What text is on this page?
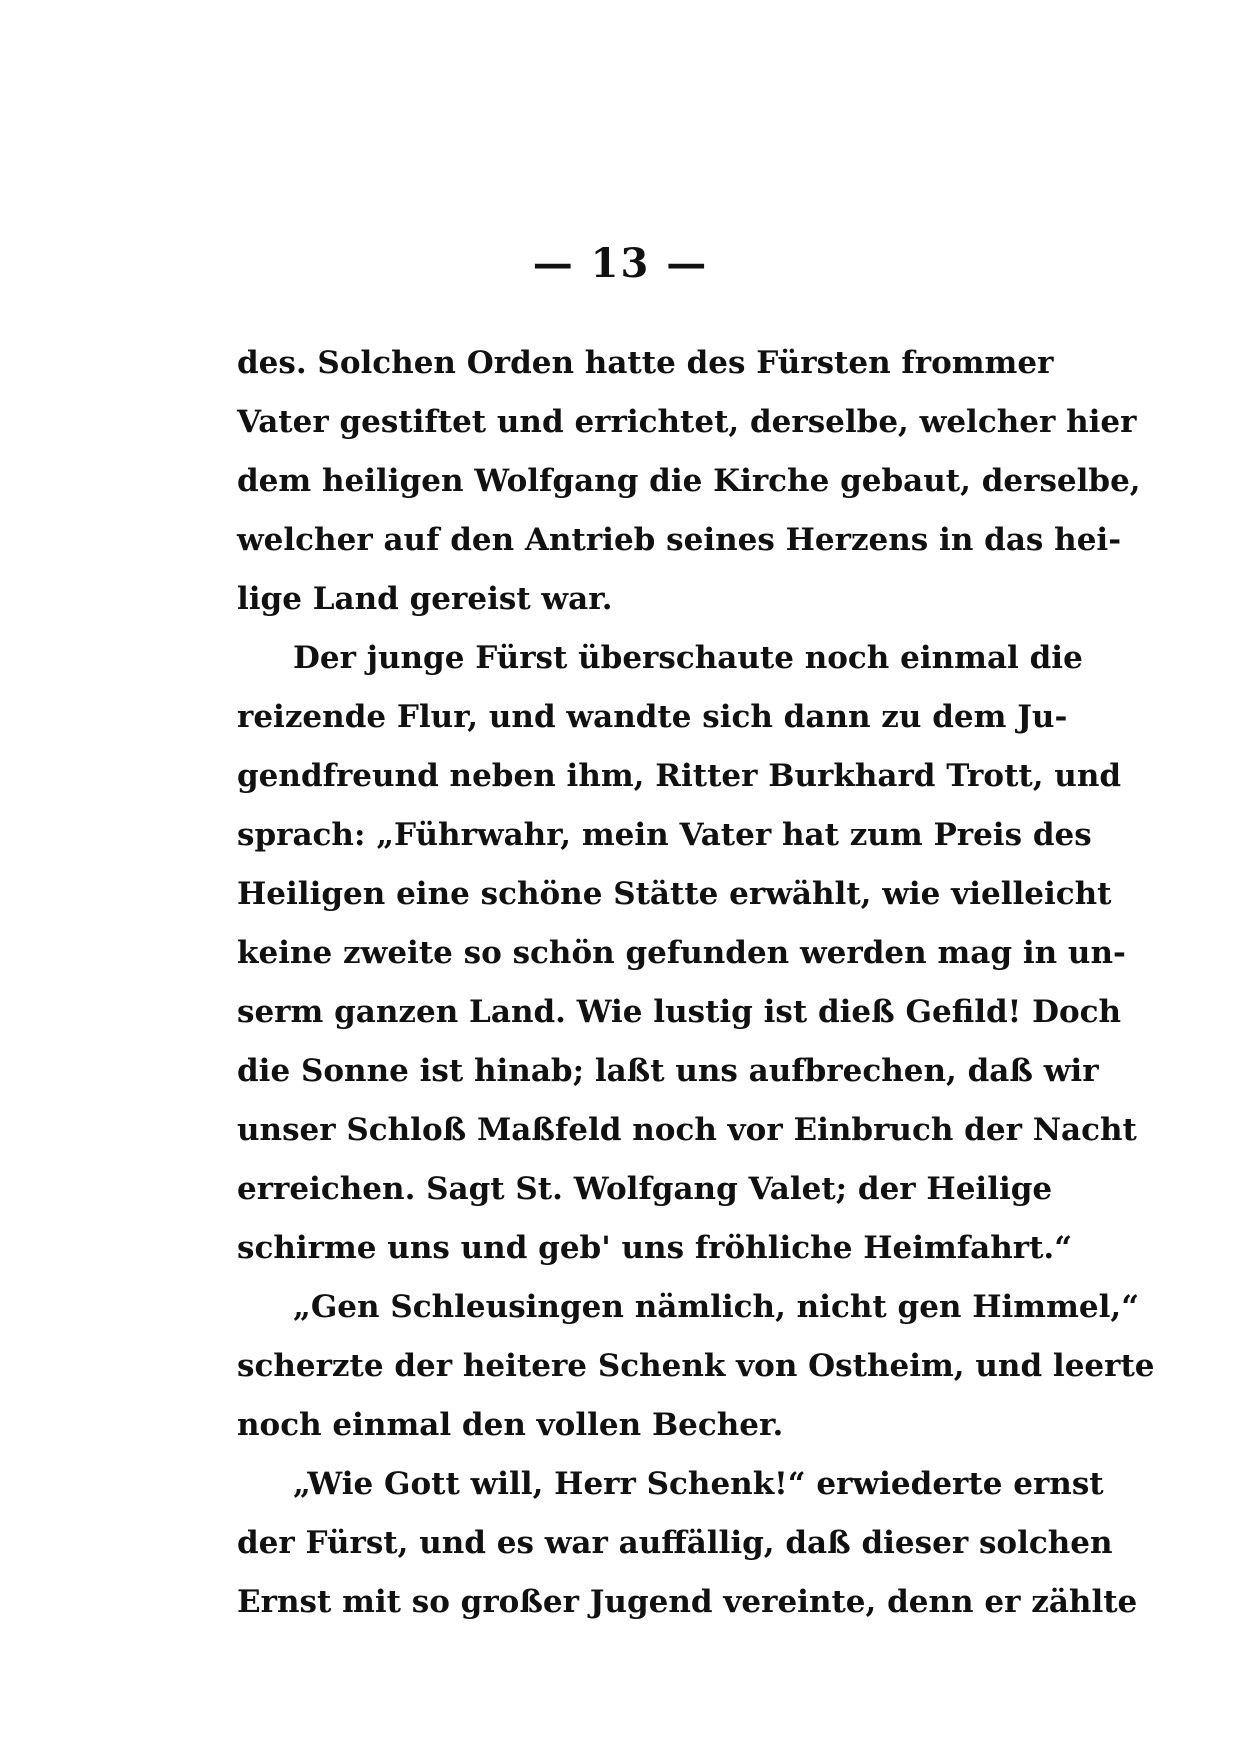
— 13 —
des. Solchen Orden hatte des Fürsten frommer
Vater gestiftet und errichtet, derselbe, welcher hier
dem heiligen Wolfgang die Kirche gebaut, derselbe,
welcher auf den Antrieb seines Herzens in das hei-
lige Land gereist war.
Der junge Fürst überschaute noch einmal die
reizende Flur, und wandte sich dann zu dem Ju-
gendfreund neben ihm, Ritter Burkhard Trott, und
sprach: „Führwahr, mein Vater hat zum Preis des
Heiligen eine schöne Stätte erwählt, wie vielleicht
keine zweite so schön gefunden werden mag in un-
serm ganzen Land. Wie lustig ist dieß Gefild! Doch
die Sonne ist hinab; laßt uns aufbrechen, daß wir
unser Schloß Maßfeld noch vor Einbruch der Nacht
erreichen. Sagt St. Wolfgang Valet; der Heilige
schirme uns und geb' uns fröhliche Heimfahrt.“
„Gen Schleusingen nämlich, nicht gen Himmel,“
scherzte der heitere Schenk von Ostheim, und leerte
noch einmal den vollen Becher.
„Wie Gott will, Herr Schenk!“ erwiederte ernst
der Fürst, und es war auffällig, daß dieser solchen
Ernst mit so großer Jugend vereinte, denn er zählte
